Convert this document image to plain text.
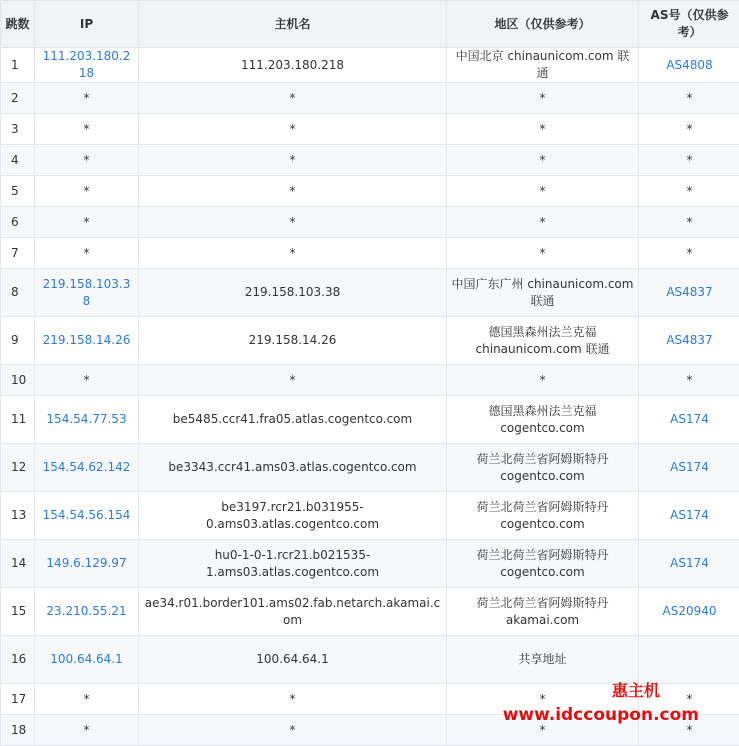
跳数	IP	主机名	地区（仅供参考）	AS号（仅供参考）
1	111.203.180.218	111.203.180.218	中国北京 chinaunicom.com 联通	AS4808
2	*	*	*	*
3	*	*	*	*
4	*	*	*	*
5	*	*	*	*
6	*	*	*	*
7	*	*	*	*
8	219.158.103.38	219.158.103.38	中国广东广州 chinaunicom.com 联通	AS4837
9	219.158.14.26	219.158.14.26	德国黑森州法兰克福 chinaunicom.com 联通	AS4837
10	*	*	*	*
11	154.54.77.53	be5485.ccr41.fra05.atlas.cogentco.com	德国黑森州法兰克福 cogentco.com	AS174
12	154.54.62.142	be3343.ccr41.ams03.atlas.cogentco.com	荷兰北荷兰省阿姆斯特丹 cogentco.com	AS174
13	154.54.56.154	be3197.rcr21.b031955-0.ams03.atlas.cogentco.com	荷兰北荷兰省阿姆斯特丹 cogentco.com	AS174
14	149.6.129.97	hu0-1-0-1.rcr21.b021535-1.ams03.atlas.cogentco.com	荷兰北荷兰省阿姆斯特丹 cogentco.com	AS174
15	23.210.55.21	ae34.r01.border101.ams02.fab.netarch.akamai.com	荷兰北荷兰省阿姆斯特丹 akamai.com	AS20940
16	100.64.64.1	100.64.64.1	共享地址	
17	*	*	*	*
18	*	*	*	*
惠主机
www.idccoupon.com
